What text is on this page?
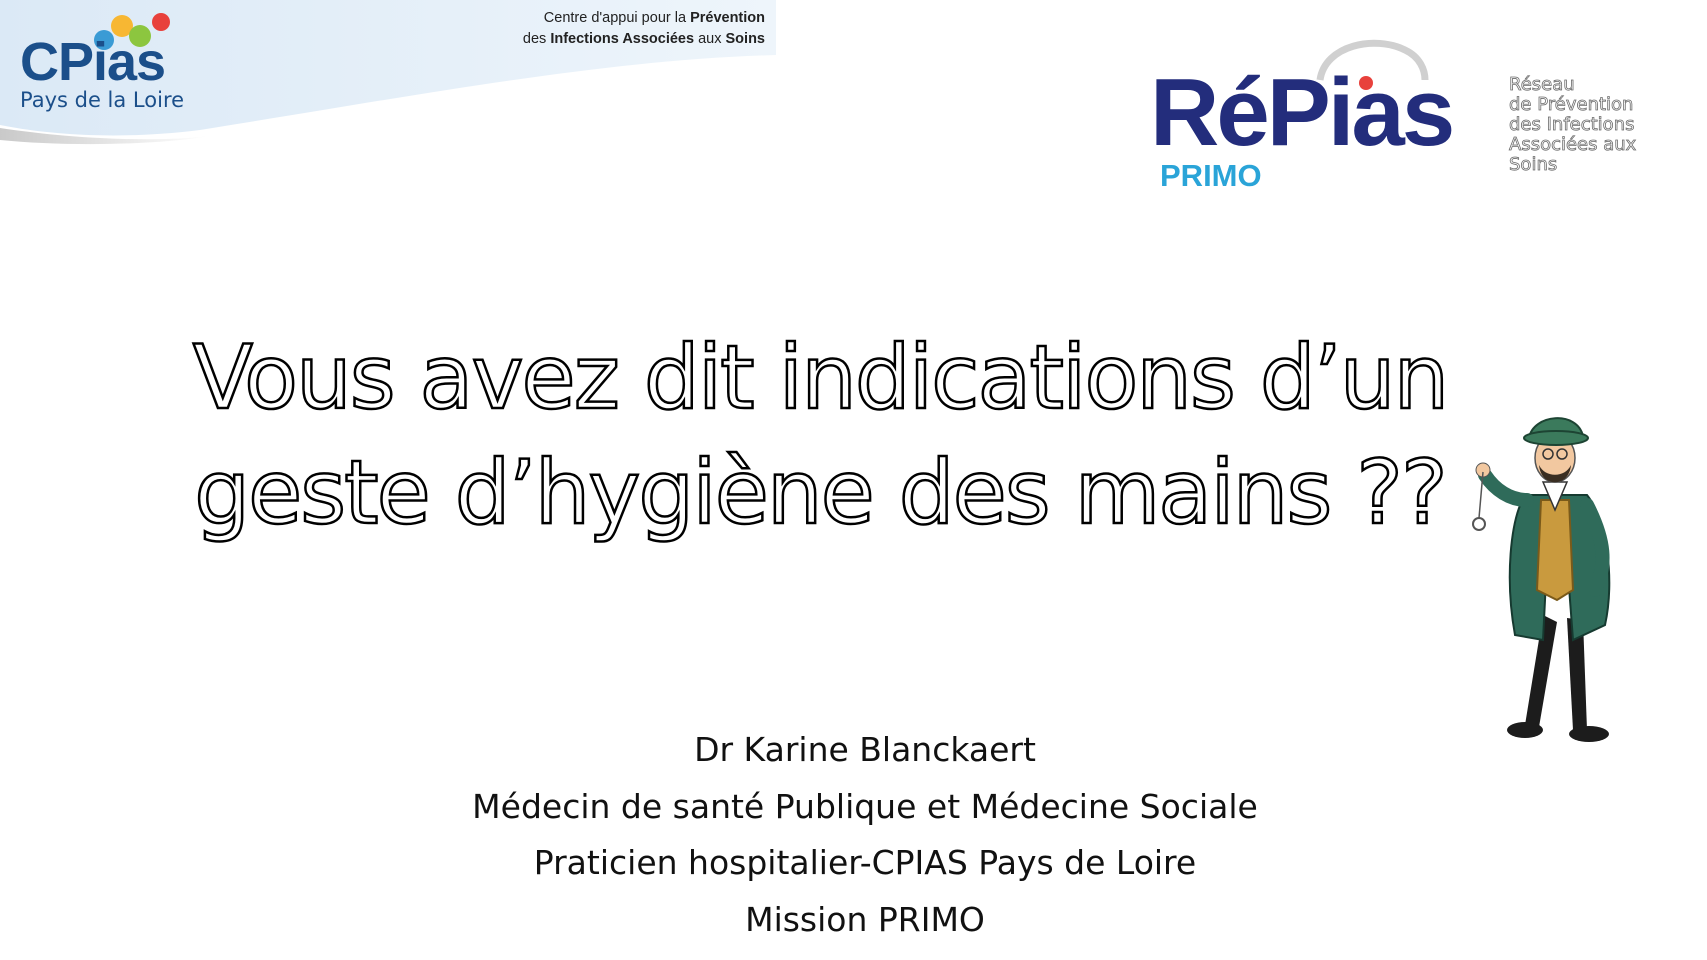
CPias
Pays de la Loire
Centre d'appui pour la Prévention
des Infections Associées aux Soins
RéPias
PRIMO
Réseau
de Prévention
des Infections
Associées aux Soins
Vous avez dit indications d’un
geste d’hygiène des mains ??
Dr Karine Blanckaert
Médecin de santé Publique et Médecine Sociale
Praticien hospitalier-CPIAS Pays de Loire
Mission PRIMO
